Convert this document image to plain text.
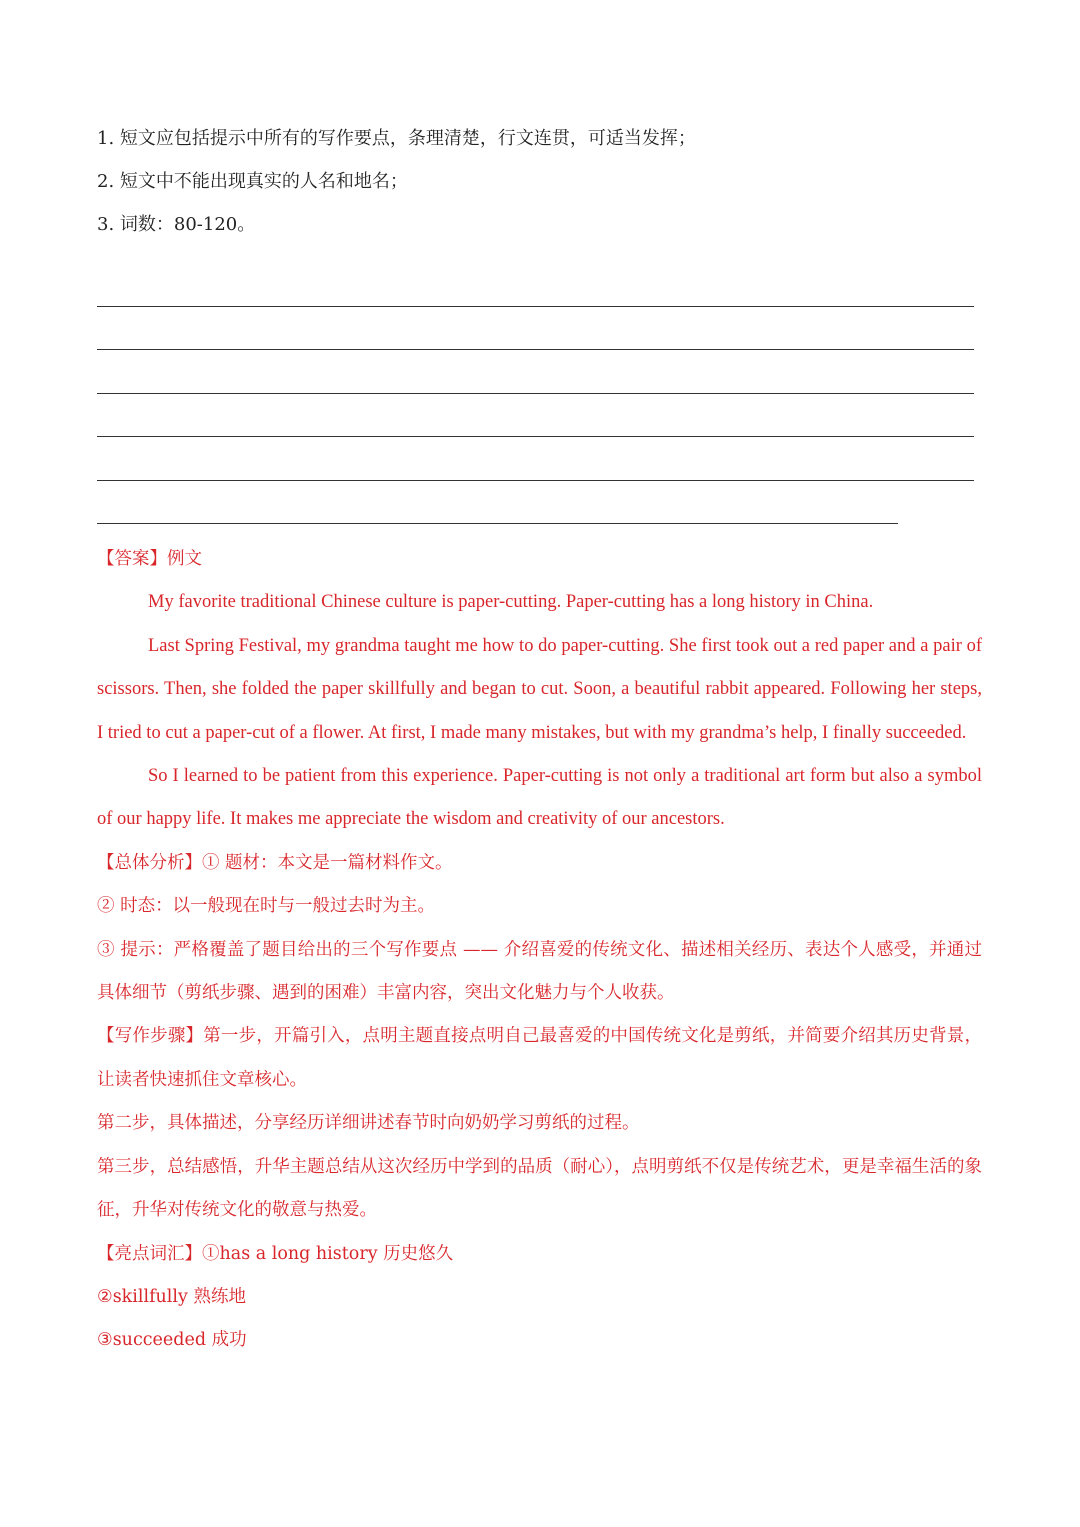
1. 短文应包括提示中所有的写作要点，条理清楚，行文连贯，可适当发挥；
2. 短文中不能出现真实的人名和地名；
3. 词数：80-120。
【答案】例文
My favorite traditional Chinese culture is paper-cutting. Paper-cutting has a long history in China.
Last Spring Festival, my grandma taught me how to do paper-cutting. She first took out a red paper and a pair of scissors. Then, she folded the paper skillfully and began to cut. Soon, a beautiful rabbit appeared. Following her steps, I tried to cut a paper-cut of a flower. At first, I made many mistakes, but with my grandma’s help, I finally succeeded.
So I learned to be patient from this experience. Paper-cutting is not only a traditional art form but also a symbol of our happy life. It makes me appreciate the wisdom and creativity of our ancestors.
【总体分析】① 题材：本文是一篇材料作文。
② 时态：以一般现在时与一般过去时为主。
③ 提示：严格覆盖了题目给出的三个写作要点 —— 介绍喜爱的传统文化、描述相关经历、表达个人感受，并通过具体细节（剪纸步骤、遇到的困难）丰富内容，突出文化魅力与个人收获。
【写作步骤】第一步，开篇引入，点明主题直接点明自己最喜爱的中国传统文化是剪纸，并简要介绍其历史背景，让读者快速抓住文章核心。
第二步，具体描述，分享经历详细讲述春节时向奶奶学习剪纸的过程。
第三步，总结感悟，升华主题总结从这次经历中学到的品质（耐心），点明剪纸不仅是传统艺术，更是幸福生活的象征，升华对传统文化的敬意与热爱。
【亮点词汇】①has a long history 历史悠久
②skillfully 熟练地
③succeeded 成功
